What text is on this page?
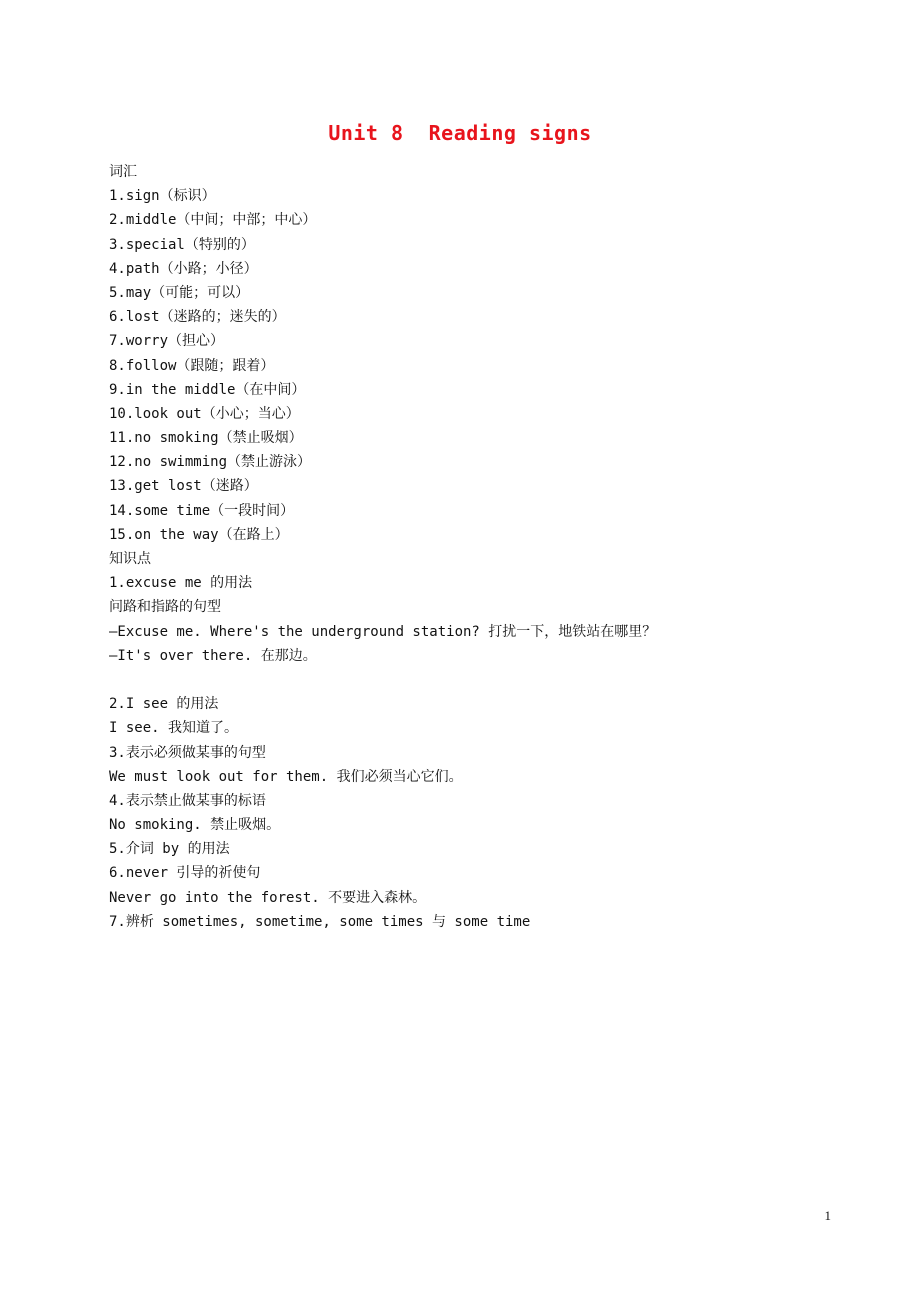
Unit 8  Reading signs
词汇
1.sign（标识）
2.middle（中间；中部；中心）
3.special（特别的）
4.path（小路；小径）
5.may（可能；可以）
6.lost（迷路的；迷失的）
7.worry（担心）
8.follow（跟随；跟着）
9.in the middle（在中间）
10.look out（小心；当心）
11.no smoking（禁止吸烟）
12.no swimming（禁止游泳）
13.get lost（迷路）
14.some time（一段时间）
15.on the way（在路上）
知识点
1.excuse me 的用法
问路和指路的句型
—Excuse me. Where's the underground station? 打扰一下，地铁站在哪里？
—It's over there. 在那边。
2.I see 的用法
I see. 我知道了。
3.表示必须做某事的句型
We must look out for them. 我们必须当心它们。
4.表示禁止做某事的标语
No smoking. 禁止吸烟。
5.介词 by 的用法
6.never 引导的祈使句
Never go into the forest. 不要进入森林。
7.辨析 sometimes, sometime, some times 与 some time
1
